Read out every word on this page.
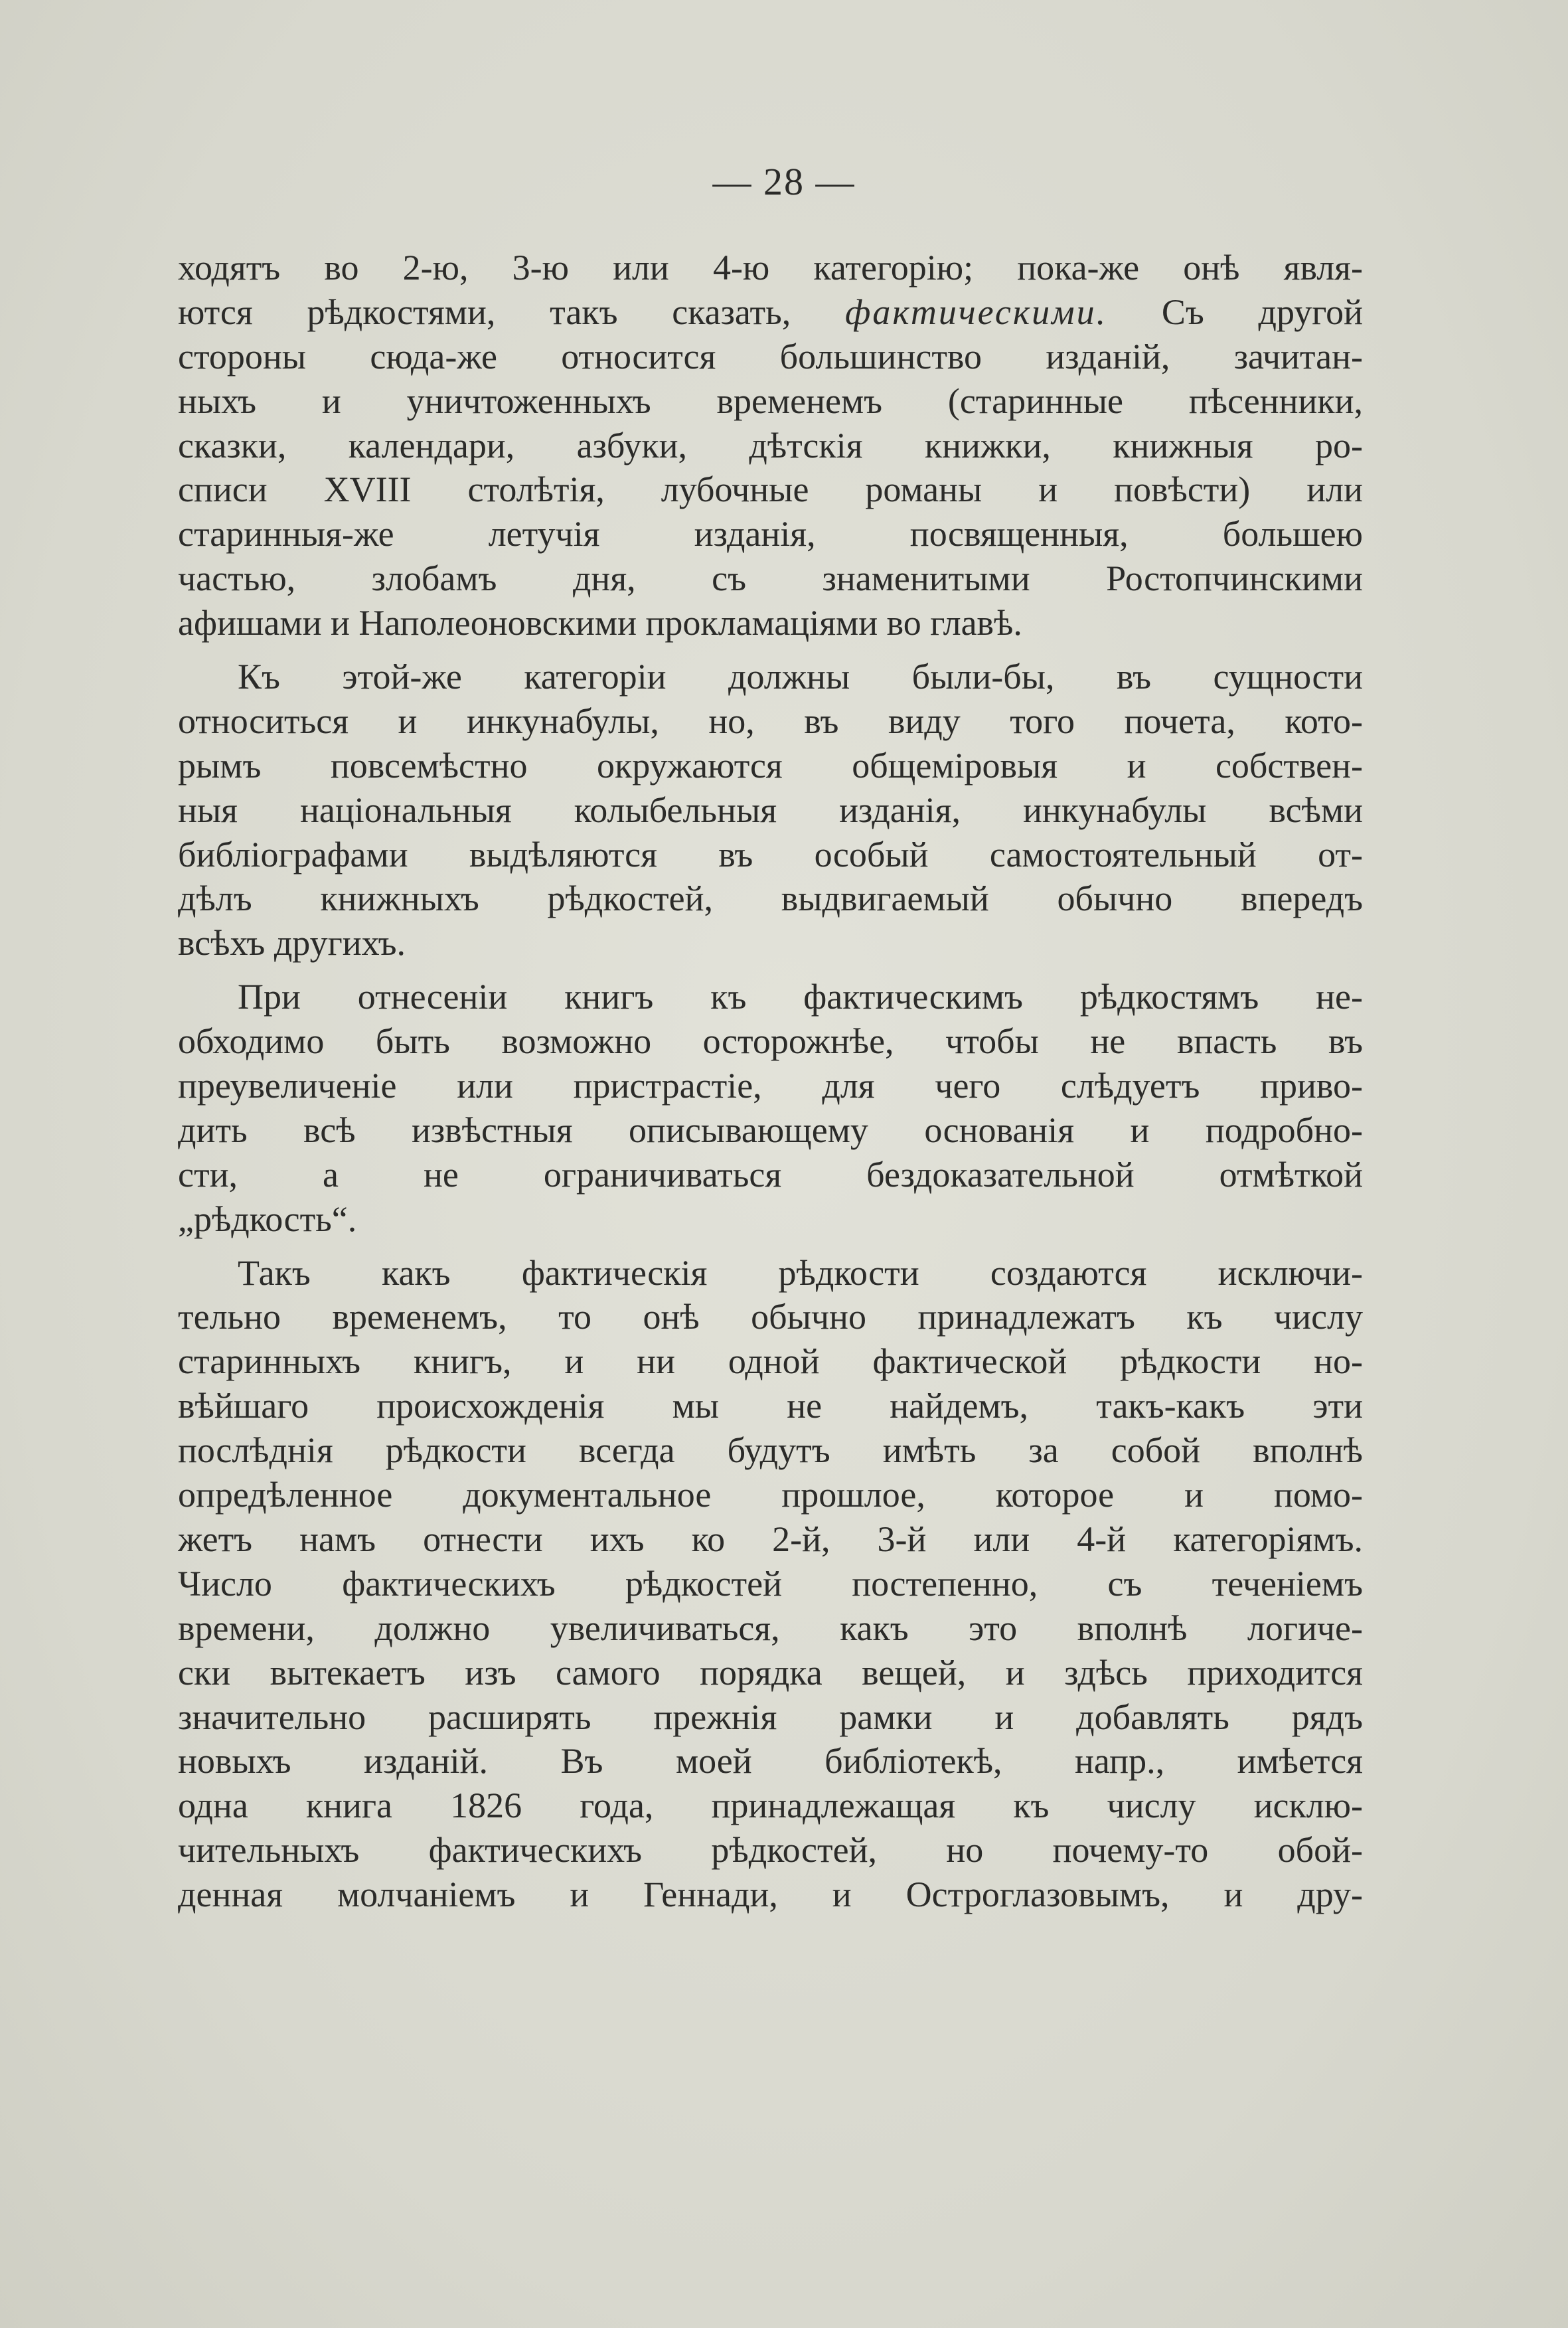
— 28 —
ходятъ во 2-ю, 3-ю или 4-ю категорію; пока-же онѣ явля-
ются рѣдкостями, такъ сказать, фактическими. Съ другой
стороны сюда-же относится большинство изданій, зачитан-
ныхъ и уничтоженныхъ временемъ (старинные пѣсенники,
сказки, календари, азбуки, дѣтскія книжки, книжныя ро-
списи XVIII столѣтія, лубочные романы и повѣсти) или
старинныя-же летучія изданія, посвященныя, большею
частью, злобамъ дня, съ знаменитыми Ростопчинскими
афишами и Наполеоновскими прокламаціями во главѣ.
Къ этой-же категоріи должны были-бы, въ сущности
относиться и инкунабулы, но, въ виду того почета, кото-
рымъ повсемѣстно окружаются общеміровыя и собствен-
ныя національныя колыбельныя изданія, инкунабулы всѣми
библіографами выдѣляются въ особый самостоятельный от-
дѣлъ книжныхъ рѣдкостей, выдвигаемый обычно впередъ
всѣхъ другихъ.
При отнесеніи книгъ къ фактическимъ рѣдкостямъ не-
обходимо быть возможно осторожнѣе, чтобы не впасть въ
преувеличеніе или пристрастіе, для чего слѣдуетъ приво-
дить всѣ извѣстныя описывающему основанія и подробно-
сти, а не ограничиваться бездоказательной отмѣткой
„рѣдкость“.
Такъ какъ фактическія рѣдкости создаются исключи-
тельно временемъ, то онѣ обычно принадлежатъ къ числу
старинныхъ книгъ, и ни одной фактической рѣдкости но-
вѣйшаго происхожденія мы не найдемъ, такъ-какъ эти
послѣднія рѣдкости всегда будутъ имѣть за собой вполнѣ
опредѣленное документальное прошлое, которое и помо-
жетъ намъ отнести ихъ ко 2-й, 3-й или 4-й категоріямъ.
Число фактическихъ рѣдкостей постепенно, съ теченіемъ
времени, должно увеличиваться, какъ это вполнѣ логиче-
ски вытекаетъ изъ самого порядка вещей, и здѣсь приходится
значительно расширять прежнія рамки и добавлять рядъ
новыхъ изданій. Въ моей библіотекѣ, напр., имѣется
одна книга 1826 года, принадлежащая къ числу исклю-
чительныхъ фактическихъ рѣдкостей, но почему-то обой-
денная молчаніемъ и Геннади, и Остроглазовымъ, и дру-
